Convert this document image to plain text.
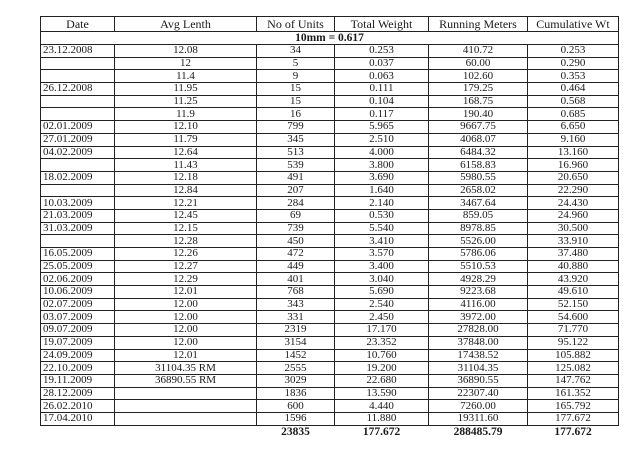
Date	Avg Lenth	No of Units	Total Weight	Running Meters	Cumulative Wt
10mm = 0.617					
23.12.2008	12.08	34	0.253	410.72	0.253
	12	5	0.037	60.00	0.290
	11.4	9	0.063	102.60	0.353
26.12.2008	11.95	15	0.111	179.25	0.464
	11.25	15	0.104	168.75	0.568
	11.9	16	0.117	190.40	0.685
02.01.2009	12.10	799	5.965	9667.75	6.650
27.01.2009	11.79	345	2.510	4068.07	9.160
04.02.2009	12.64	513	4.000	6484.32	13.160
	11.43	539	3.800	6158.83	16.960
18.02.2009	12.18	491	3.690	5980.55	20.650
	12.84	207	1.640	2658.02	22.290
10.03.2009	12.21	284	2.140	3467.64	24.430
21.03.2009	12.45	69	0.530	859.05	24.960
31.03.2009	12.15	739	5.540	8978.85	30.500
	12.28	450	3.410	5526.00	33.910
16.05.2009	12.26	472	3.570	5786.06	37.480
25.05.2009	12.27	449	3.400	5510.53	40.880
02.06.2009	12.29	401	3.040	4928.29	43.920
10.06.2009	12.01	768	5.690	9223.68	49.610
02.07.2009	12.00	343	2.540	4116.00	52.150
03.07.2009	12.00	331	2.450	3972.00	54.600
09.07.2009	12.00	2319	17.170	27828.00	71.770
19.07.2009	12.00	3154	23.352	37848.00	95.122
24.09.2009	12.01	1452	10.760	17438.52	105.882
22.10.2009	31104.35 RM	2555	19.200	31104.35	125.082
19.11.2009	36890.55 RM	3029	22.680	36890.55	147.762
28.12.2009		1836	13.590	22307.40	161.352
26.02.2010		600	4.440	7260.00	165.792
17.04.2010		1596	11.880	19311.60	177.672
		23835	177.672	288485.79	177.672
